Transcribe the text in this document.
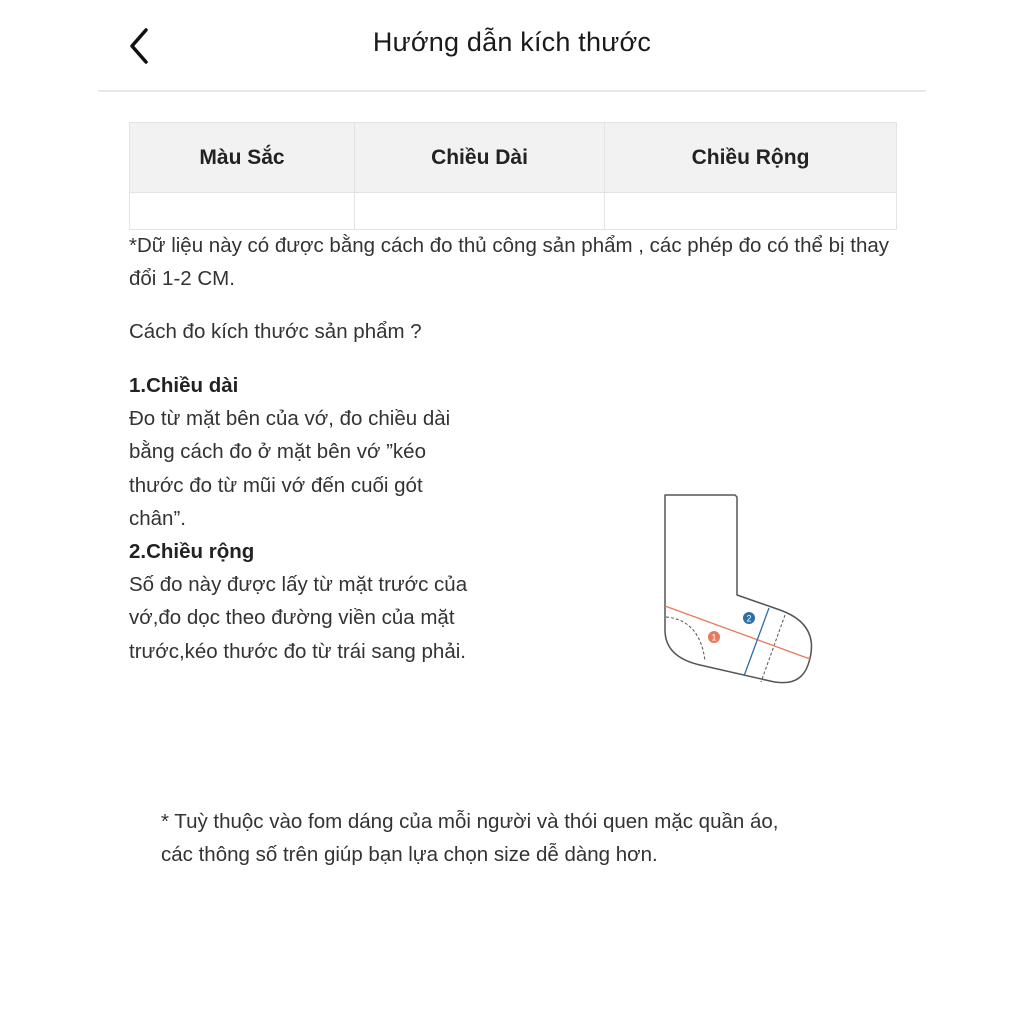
Hướng dẫn kích thước
Màu Sắc	Chiều Dài	Chiều Rộng

*Dữ liệu này có được bằng cách đo thủ công sản phẩm , các phép đo có thể bị thay đổi 1-2 CM.

Cách đo kích thước sản phẩm ?

1.Chiều dài
Đo từ mặt bên của vớ, đo chiều dài
bằng cách đo ở mặt bên vớ ”kéo
thước đo từ mũi vớ đến cuối gót
chân”.
2.Chiều rộng
Số đo này được lấy từ mặt trước của
vớ,đo dọc theo đường viền của mặt
trước,kéo thước đo từ trái sang phải.
1
2
* Tuỳ thuộc vào fom dáng của mỗi người và thói quen mặc quần áo,
các thông số trên giúp bạn lựa chọn size dễ dàng hơn.
